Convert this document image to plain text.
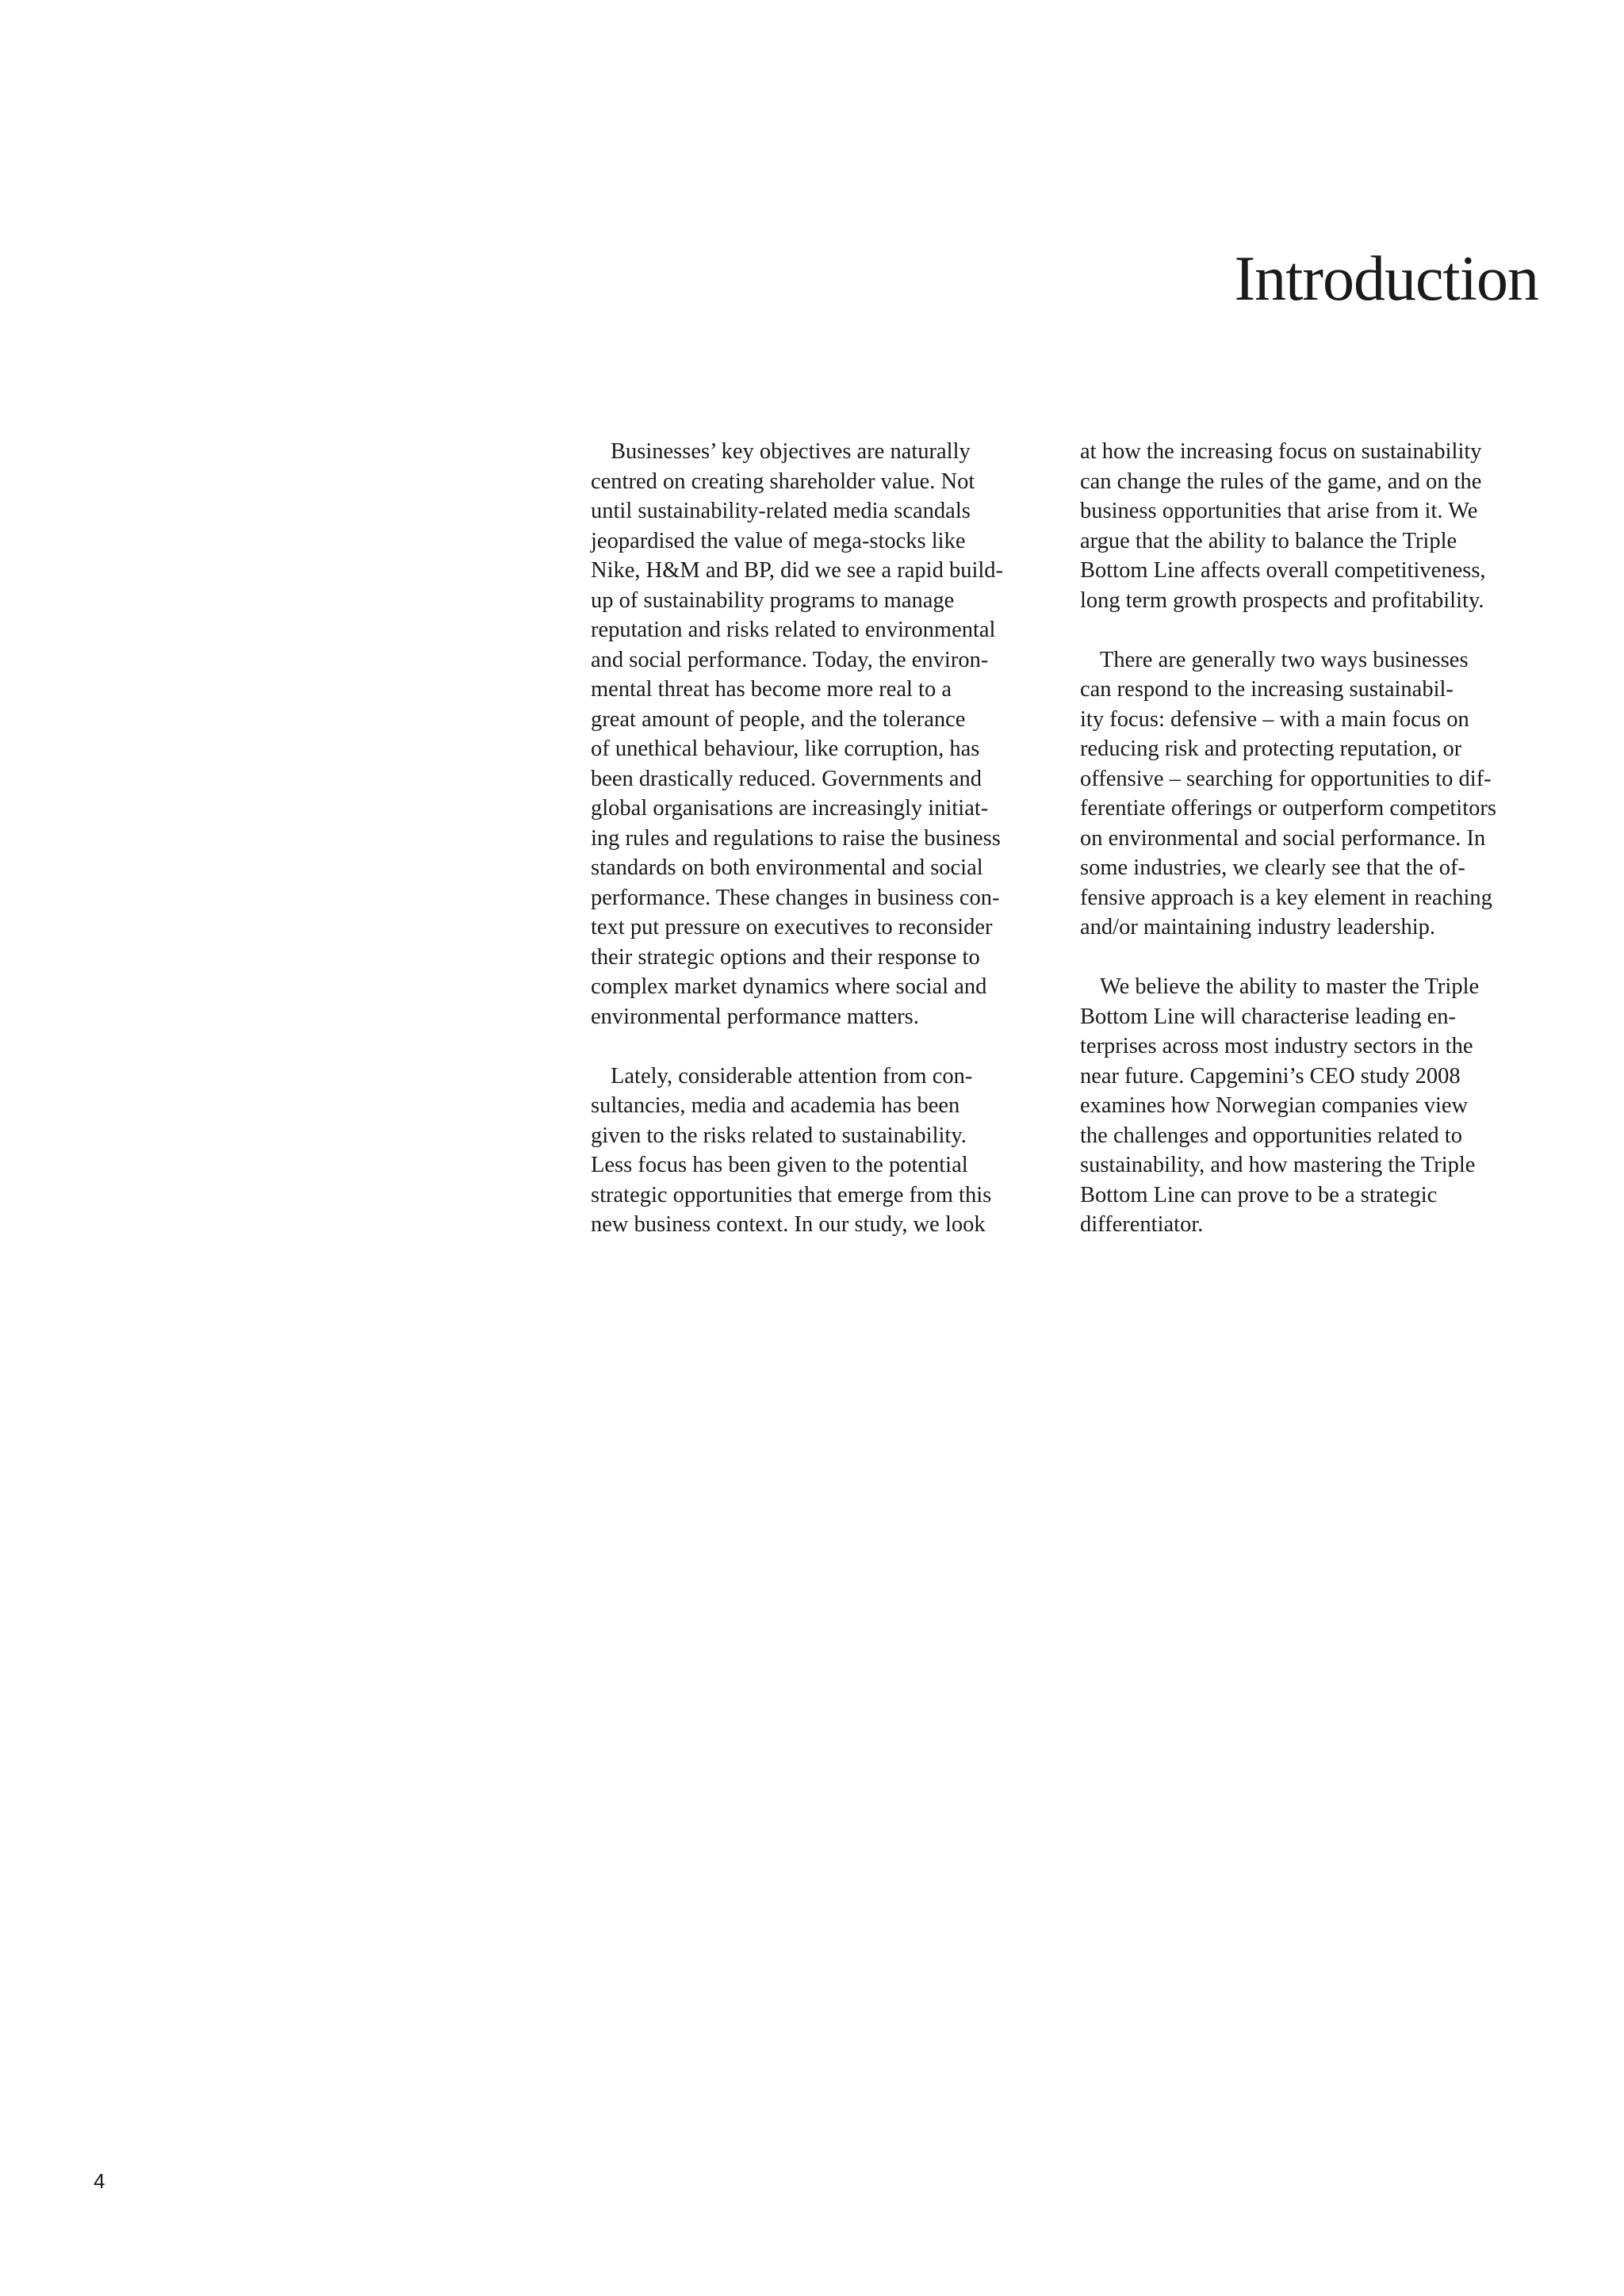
Introduction
Businesses’ key objectives are naturally
centred on creating shareholder value. Not
until sustainability-related media scandals
jeopardised the value of mega-stocks like
Nike, H&M and BP, did we see a rapid build-
up of sustainability programs to manage
reputation and risks related to environmental
and social performance. Today, the environ-
mental threat has become more real to a
great amount of people, and the tolerance
of unethical behaviour, like corruption, has
been drastically reduced. Governments and
global organisations are increasingly initiat-
ing rules and regulations to raise the business
standards on both environmental and social
performance. These changes in business con-
text put pressure on executives to reconsider
their strategic options and their response to
complex market dynamics where social and
environmental performance matters.
Lately, considerable attention from con-
sultancies, media and academia has been
given to the risks related to sustainability.
Less focus has been given to the potential
strategic opportunities that emerge from this
new business context. In our study, we look
at how the increasing focus on sustainability
can change the rules of the game, and on the
business opportunities that arise from it. We
argue that the ability to balance the Triple
Bottom Line affects overall competitiveness,
long term growth prospects and profitability.
There are generally two ways businesses
can respond to the increasing sustainabil-
ity focus: defensive – with a main focus on
reducing risk and protecting reputation, or
offensive – searching for opportunities to dif-
ferentiate offerings or outperform competitors
on environmental and social performance. In
some industries, we clearly see that the of-
fensive approach is a key element in reaching
and/or maintaining industry leadership.
We believe the ability to master the Triple
Bottom Line will characterise leading en-
terprises across most industry sectors in the
near future. Capgemini’s CEO study 2008
examines how Norwegian companies view
the challenges and opportunities related to
sustainability, and how mastering the Triple
Bottom Line can prove to be a strategic
differentiator.
4
